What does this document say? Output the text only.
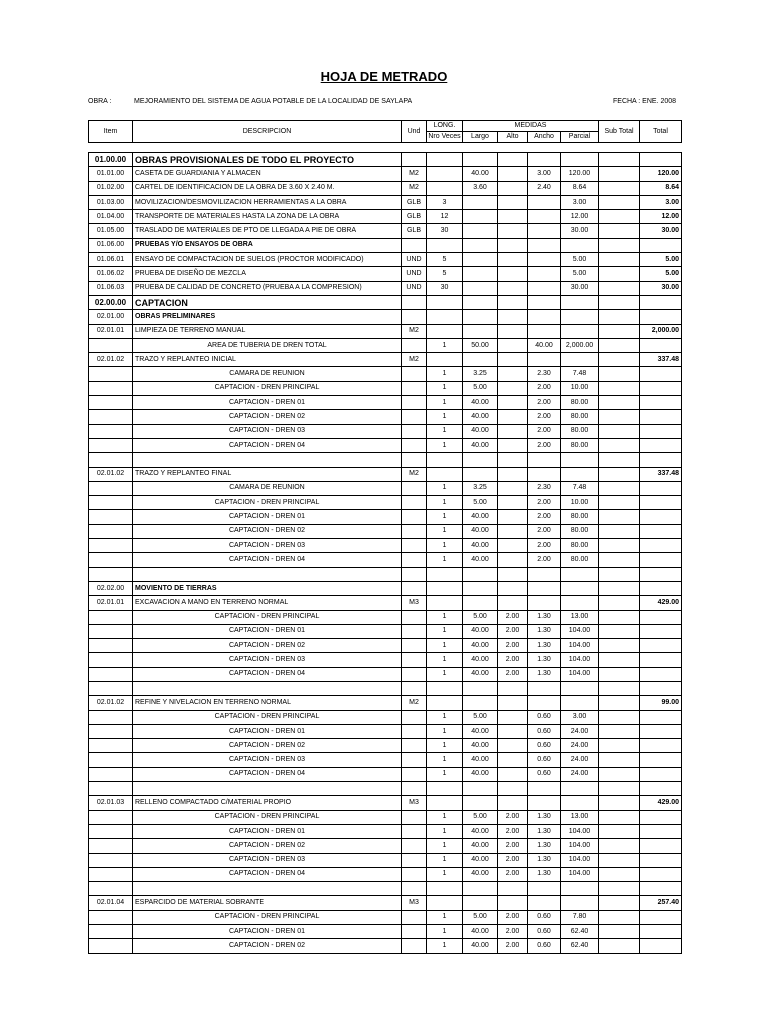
HOJA DE METRADO
OBRA :	MEJORAMIENTO DEL SISTEMA DE AGUA POTABLE DE LA LOCALIDAD DE SAYLAPA	FECHA : ENE. 2008
Item	DESCRIPCION	Und	LONG.	MEDIDAS				Sub Total	Total
			Nro Veces	Largo	Alto	Ancho	Parcial		
01.00.00	OBRAS PROVISIONALES DE TODO EL PROYECTO								
01.01.00	CASETA DE GUARDIANIA Y ALMACEN	M2		40.00		3.00	120.00		120.00
01.02.00	CARTEL DE IDENTIFICACION DE LA OBRA DE 3.60 X 2.40 M.	M2		3.60		2.40	8.64		8.64
01.03.00	MOVILIZACION/DESMOVILIZACION HERRAMIENTAS A LA OBRA	GLB	3				3.00		3.00
01.04.00	TRANSPORTE DE MATERIALES HASTA LA ZONA DE LA OBRA	GLB	12				12.00		12.00
01.05.00	TRASLADO DE MATERIALES DE PTO DE LLEGADA A PIE DE OBRA	GLB	30				30.00		30.00
01.06.00	PRUEBAS Y/O ENSAYOS DE OBRA								
01.06.01	ENSAYO DE COMPACTACION DE SUELOS (PROCTOR MODIFICADO)	UND	5				5.00		5.00
01.06.02	PRUEBA DE DISEÑO DE MEZCLA	UND	5				5.00		5.00
01.06.03	PRUEBA DE CALIDAD DE CONCRETO (PRUEBA A LA COMPRESION)	UND	30				30.00		30.00
02.00.00	CAPTACION								
02.01.00	OBRAS PRELIMINARES								
02.01.01	LIMPIEZA DE TERRENO MANUAL	M2							2,000.00
	AREA DE TUBERIA DE DREN TOTAL		1	50.00		40.00	2,000.00		
02.01.02	TRAZO Y REPLANTEO INICIAL	M2							337.48
	CAMARA DE REUNION		1	3.25		2.30	7.48		
	CAPTACION - DREN PRINCIPAL		1	5.00		2.00	10.00		
	CAPTACION - DREN 01		1	40.00		2.00	80.00		
	CAPTACION - DREN 02		1	40.00		2.00	80.00		
	CAPTACION - DREN 03		1	40.00		2.00	80.00		
	CAPTACION - DREN 04		1	40.00		2.00	80.00		

02.01.02	TRAZO Y REPLANTEO FINAL	M2							337.48
	CAMARA DE REUNION		1	3.25		2.30	7.48		
	CAPTACION - DREN PRINCIPAL		1	5.00		2.00	10.00		
	CAPTACION - DREN 01		1	40.00		2.00	80.00		
	CAPTACION - DREN 02		1	40.00		2.00	80.00		
	CAPTACION - DREN 03		1	40.00		2.00	80.00		
	CAPTACION - DREN 04		1	40.00		2.00	80.00		

02.02.00	MOVIENTO DE TIERRAS								
02.01.01	EXCAVACION A MANO EN TERRENO NORMAL	M3							429.00
	CAPTACION - DREN PRINCIPAL		1	5.00	2.00	1.30	13.00		
	CAPTACION - DREN 01		1	40.00	2.00	1.30	104.00		
	CAPTACION - DREN 02		1	40.00	2.00	1.30	104.00		
	CAPTACION - DREN 03		1	40.00	2.00	1.30	104.00		
	CAPTACION - DREN 04		1	40.00	2.00	1.30	104.00		

02.01.02	REFINE Y NIVELACION EN TERRENO NORMAL	M2							99.00
	CAPTACION - DREN PRINCIPAL		1	5.00		0.60	3.00		
	CAPTACION - DREN 01		1	40.00		0.60	24.00		
	CAPTACION - DREN 02		1	40.00		0.60	24.00		
	CAPTACION - DREN 03		1	40.00		0.60	24.00		
	CAPTACION - DREN 04		1	40.00		0.60	24.00		

02.01.03	RELLENO COMPACTADO C/MATERIAL PROPIO	M3							429.00
	CAPTACION - DREN PRINCIPAL		1	5.00	2.00	1.30	13.00		
	CAPTACION - DREN 01		1	40.00	2.00	1.30	104.00		
	CAPTACION - DREN 02		1	40.00	2.00	1.30	104.00		
	CAPTACION - DREN 03		1	40.00	2.00	1.30	104.00		
	CAPTACION - DREN 04		1	40.00	2.00	1.30	104.00		

02.01.04	ESPARCIDO DE MATERIAL SOBRANTE	M3							257.40
	CAPTACION - DREN PRINCIPAL		1	5.00	2.00	0.60	7.80		
	CAPTACION - DREN 01		1	40.00	2.00	0.60	62.40		
	CAPTACION - DREN 02		1	40.00	2.00	0.60	62.40		
